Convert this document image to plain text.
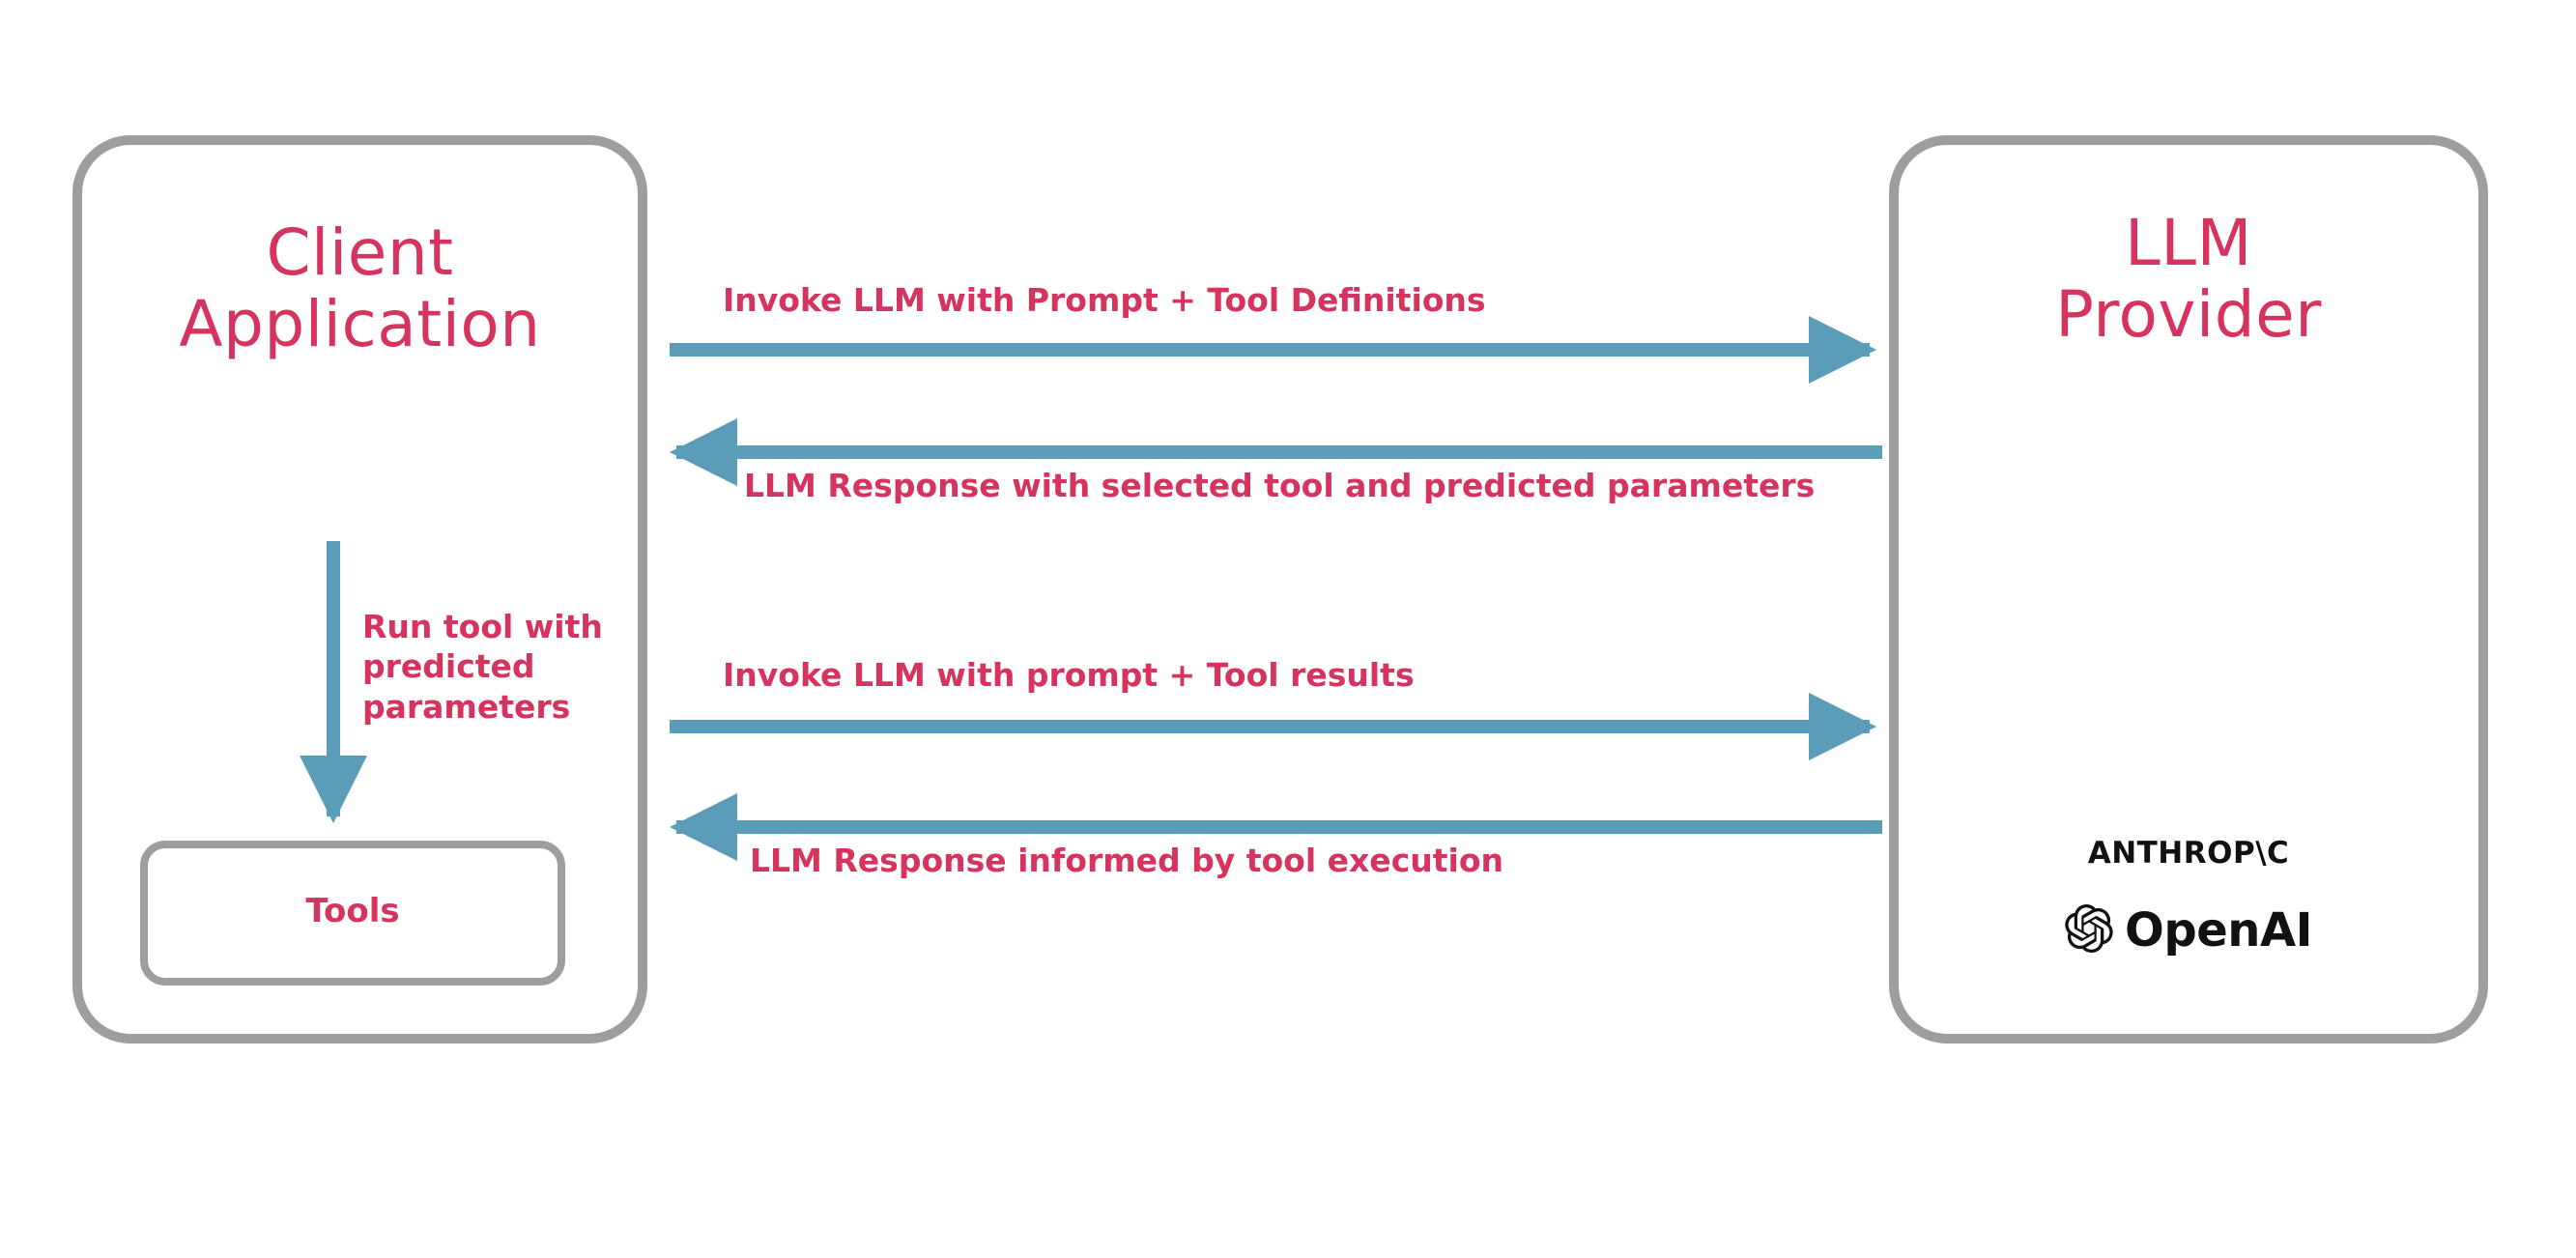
Client
Application
Tools
LLM
Provider
ANTHROP\C
OpenAI
Invoke LLM with Prompt + Tool Definitions
LLM Response with selected tool and predicted parameters
Invoke LLM with prompt + Tool results
LLM Response informed by tool execution
Run tool with predicted parameters
